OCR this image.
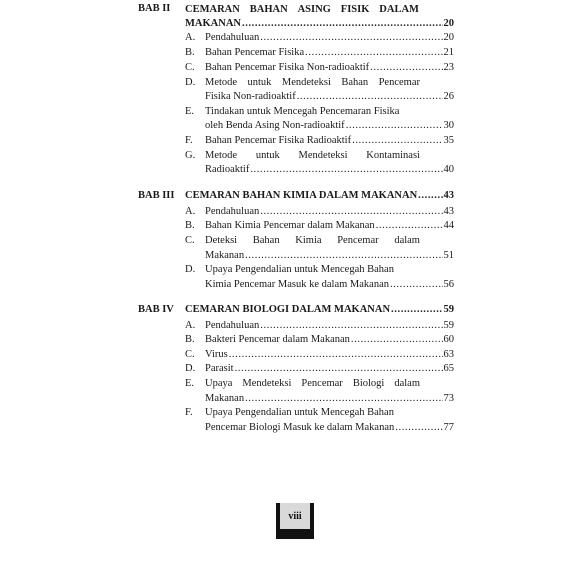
BAB II CEMARAN BAHAN ASING FISIK DALAM
MAKANAN .....	20
A. Pendahuluan .....	20
B. Bahan Pencemar Fisika .....	21
C. Bahan Pencemar Fisika Non-radioaktif .....	23
D. Metode untuk Mendeteksi Bahan Pencemar
Fisika Non-radioaktif .....	26
E. Tindakan untuk Mencegah Pencemaran Fisika
oleh Benda Asing Non-radioaktif .....	30
F. Bahan Pencemar Fisika Radioaktif .....	35
G. Metode untuk Mendeteksi Kontaminasi
Radioaktif .....	40
BAB III CEMARAN BAHAN KIMIA DALAM MAKANAN .....	43
A. Pendahuluan .....	43
B. Bahan Kimia Pencemar dalam Makanan .....	44
C. Deteksi Bahan Kimia Pencemar dalam
Makanan .....	51
D. Upaya Pengendalian untuk Mencegah Bahan
Kimia Pencemar Masuk ke dalam Makanan .....	56
BAB IV CEMARAN BIOLOGI DALAM MAKANAN .....	59
A. Pendahuluan .....	59
B. Bakteri Pencemar dalam Makanan .....	60
C. Virus .....	63
D. Parasit .....	65
E. Upaya Mendeteksi Pencemar Biologi dalam
Makanan .....	73
F. Upaya Pengendalian untuk Mencegah Bahan
Pencemar Biologi Masuk ke dalam Makanan .....	77
viii
